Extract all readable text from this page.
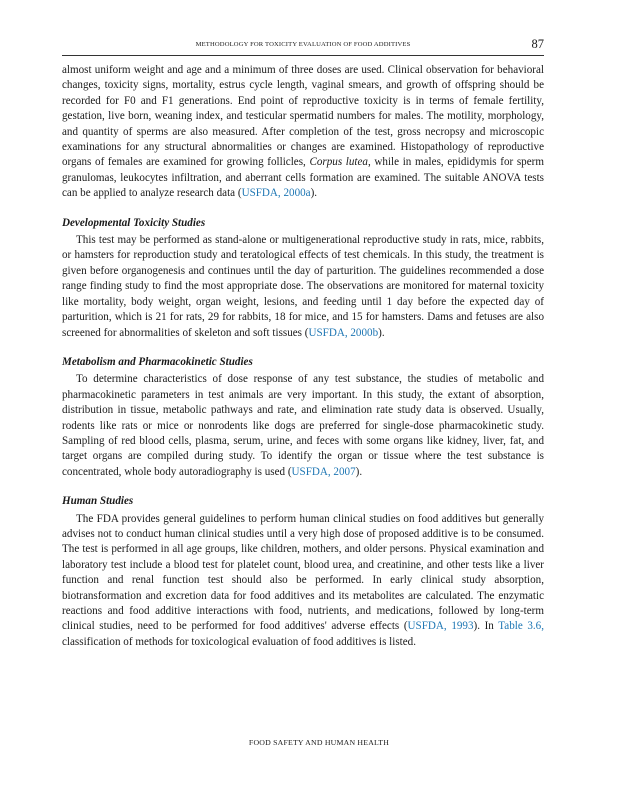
METHODOLOGY FOR TOXICITY EVALUATION OF FOOD ADDITIVES	87

almost uniform weight and age and a minimum of three doses are used. Clinical observation for behavioral changes, toxicity signs, mortality, estrus cycle length, vaginal smears, and growth of offspring should be recorded for F0 and F1 generations. End point of reproductive toxicity is in terms of female fertility, gestation, live born, weaning index, and testicular spermatid numbers for males. The motility, morphology, and quantity of sperms are also measured. After completion of the test, gross necropsy and microscopic examinations for any structural abnormalities or changes are examined. Histopathology of reproductive organs of females are examined for growing follicles, Corpus lutea, while in males, epididymis for sperm granulomas, leukocytes infiltration, and aberrant cells formation are examined. The suitable ANOVA tests can be applied to analyze research data (USFDA, 2000a).

Developmental Toxicity Studies

This test may be performed as stand-alone or multigenerational reproductive study in rats, mice, rabbits, or hamsters for reproduction study and teratological effects of test chemicals. In this study, the treatment is given before organogenesis and continues until the day of parturition. The guidelines recommended a dose range finding study to find the most appropriate dose. The observations are monitored for maternal toxicity like mortality, body weight, organ weight, lesions, and feeding until 1 day before the expected day of parturition, which is 21 for rats, 29 for rabbits, 18 for mice, and 15 for hamsters. Dams and fetuses are also screened for abnormalities of skeleton and soft tissues (USFDA, 2000b).

Metabolism and Pharmacokinetic Studies

To determine characteristics of dose response of any test substance, the studies of metabolic and pharmacokinetic parameters in test animals are very important. In this study, the extant of absorption, distribution in tissue, metabolic pathways and rate, and elimination rate study data is observed. Usually, rodents like rats or mice or nonrodents like dogs are preferred for single-dose pharmacokinetic study. Sampling of red blood cells, plasma, serum, urine, and feces with some organs like kidney, liver, fat, and target organs are compiled during study. To identify the organ or tissue where the test substance is concentrated, whole body autoradiography is used (USFDA, 2007).

Human Studies

The FDA provides general guidelines to perform human clinical studies on food additives but generally advises not to conduct human clinical studies until a very high dose of proposed additive is to be consumed. The test is performed in all age groups, like children, mothers, and older persons. Physical examination and laboratory test include a blood test for platelet count, blood urea, and creatinine, and other tests like a liver function and renal function test should also be performed. In early clinical study absorption, biotransformation and excretion data for food additives and its metabolites are calculated. The enzymatic reactions and food additive interactions with food, nutrients, and medications, followed by long-term clinical studies, need to be performed for food additives' adverse effects (USFDA, 1993). In Table 3.6, classification of methods for toxicological evaluation of food additives is listed.

FOOD SAFETY AND HUMAN HEALTH
